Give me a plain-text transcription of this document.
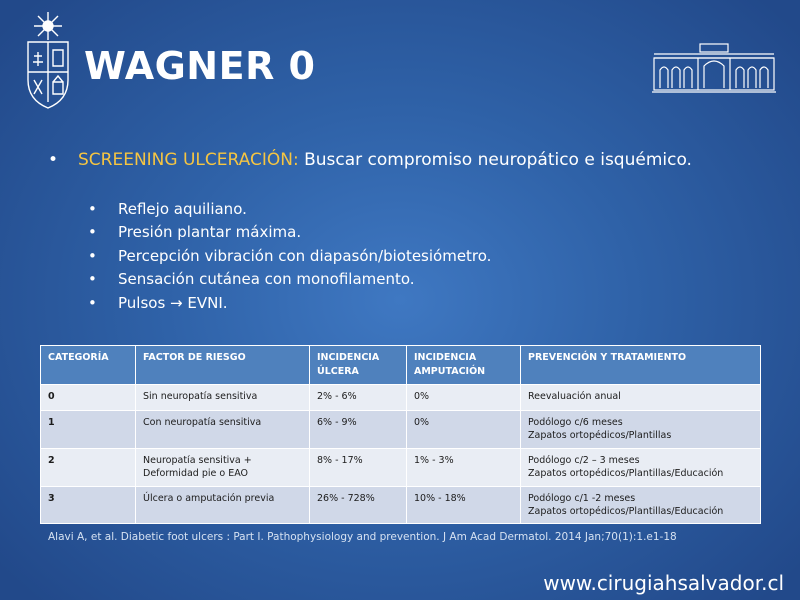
WAGNER 0
• SCREENING ULCERACIÓN: Buscar compromiso neuropático e isquémico.
• Reflejo aquiliano.
• Presión plantar máxima.
• Percepción vibración con diapasón/biotesiómetro.
• Sensación cutánea con monofilamento.
• Pulsos → EVNI.
CATEGORÍA	FACTOR DE RIESGO	INCIDENCIA ÚLCERA	INCIDENCIA AMPUTACIÓN	PREVENCIÓN Y TRATAMIENTO
0	Sin neuropatía sensitiva	2% - 6%	0%	Reevaluación anual

1	Con neuropatía sensitiva	6% - 9%	0%	Podólogo c/6 meses
Zapatos ortopédicos/Plantillas

2	Neuropatía sensitiva + Deformidad pie o EAO	8% - 17%	1% - 3%	Podólogo c/2 – 3 meses
Zapatos ortopédicos/Plantillas/Educación

3	Úlcera o amputación previa	26% - 728%	10% - 18%	Podólogo c/1 -2 meses
Zapatos ortopédicos/Plantillas/Educación
Alavi A, et al. Diabetic foot ulcers : Part I. Pathophysiology and prevention. J Am Acad Dermatol. 2014 Jan;70(1):1.e1-18
www.cirugiahsalvador.cl
